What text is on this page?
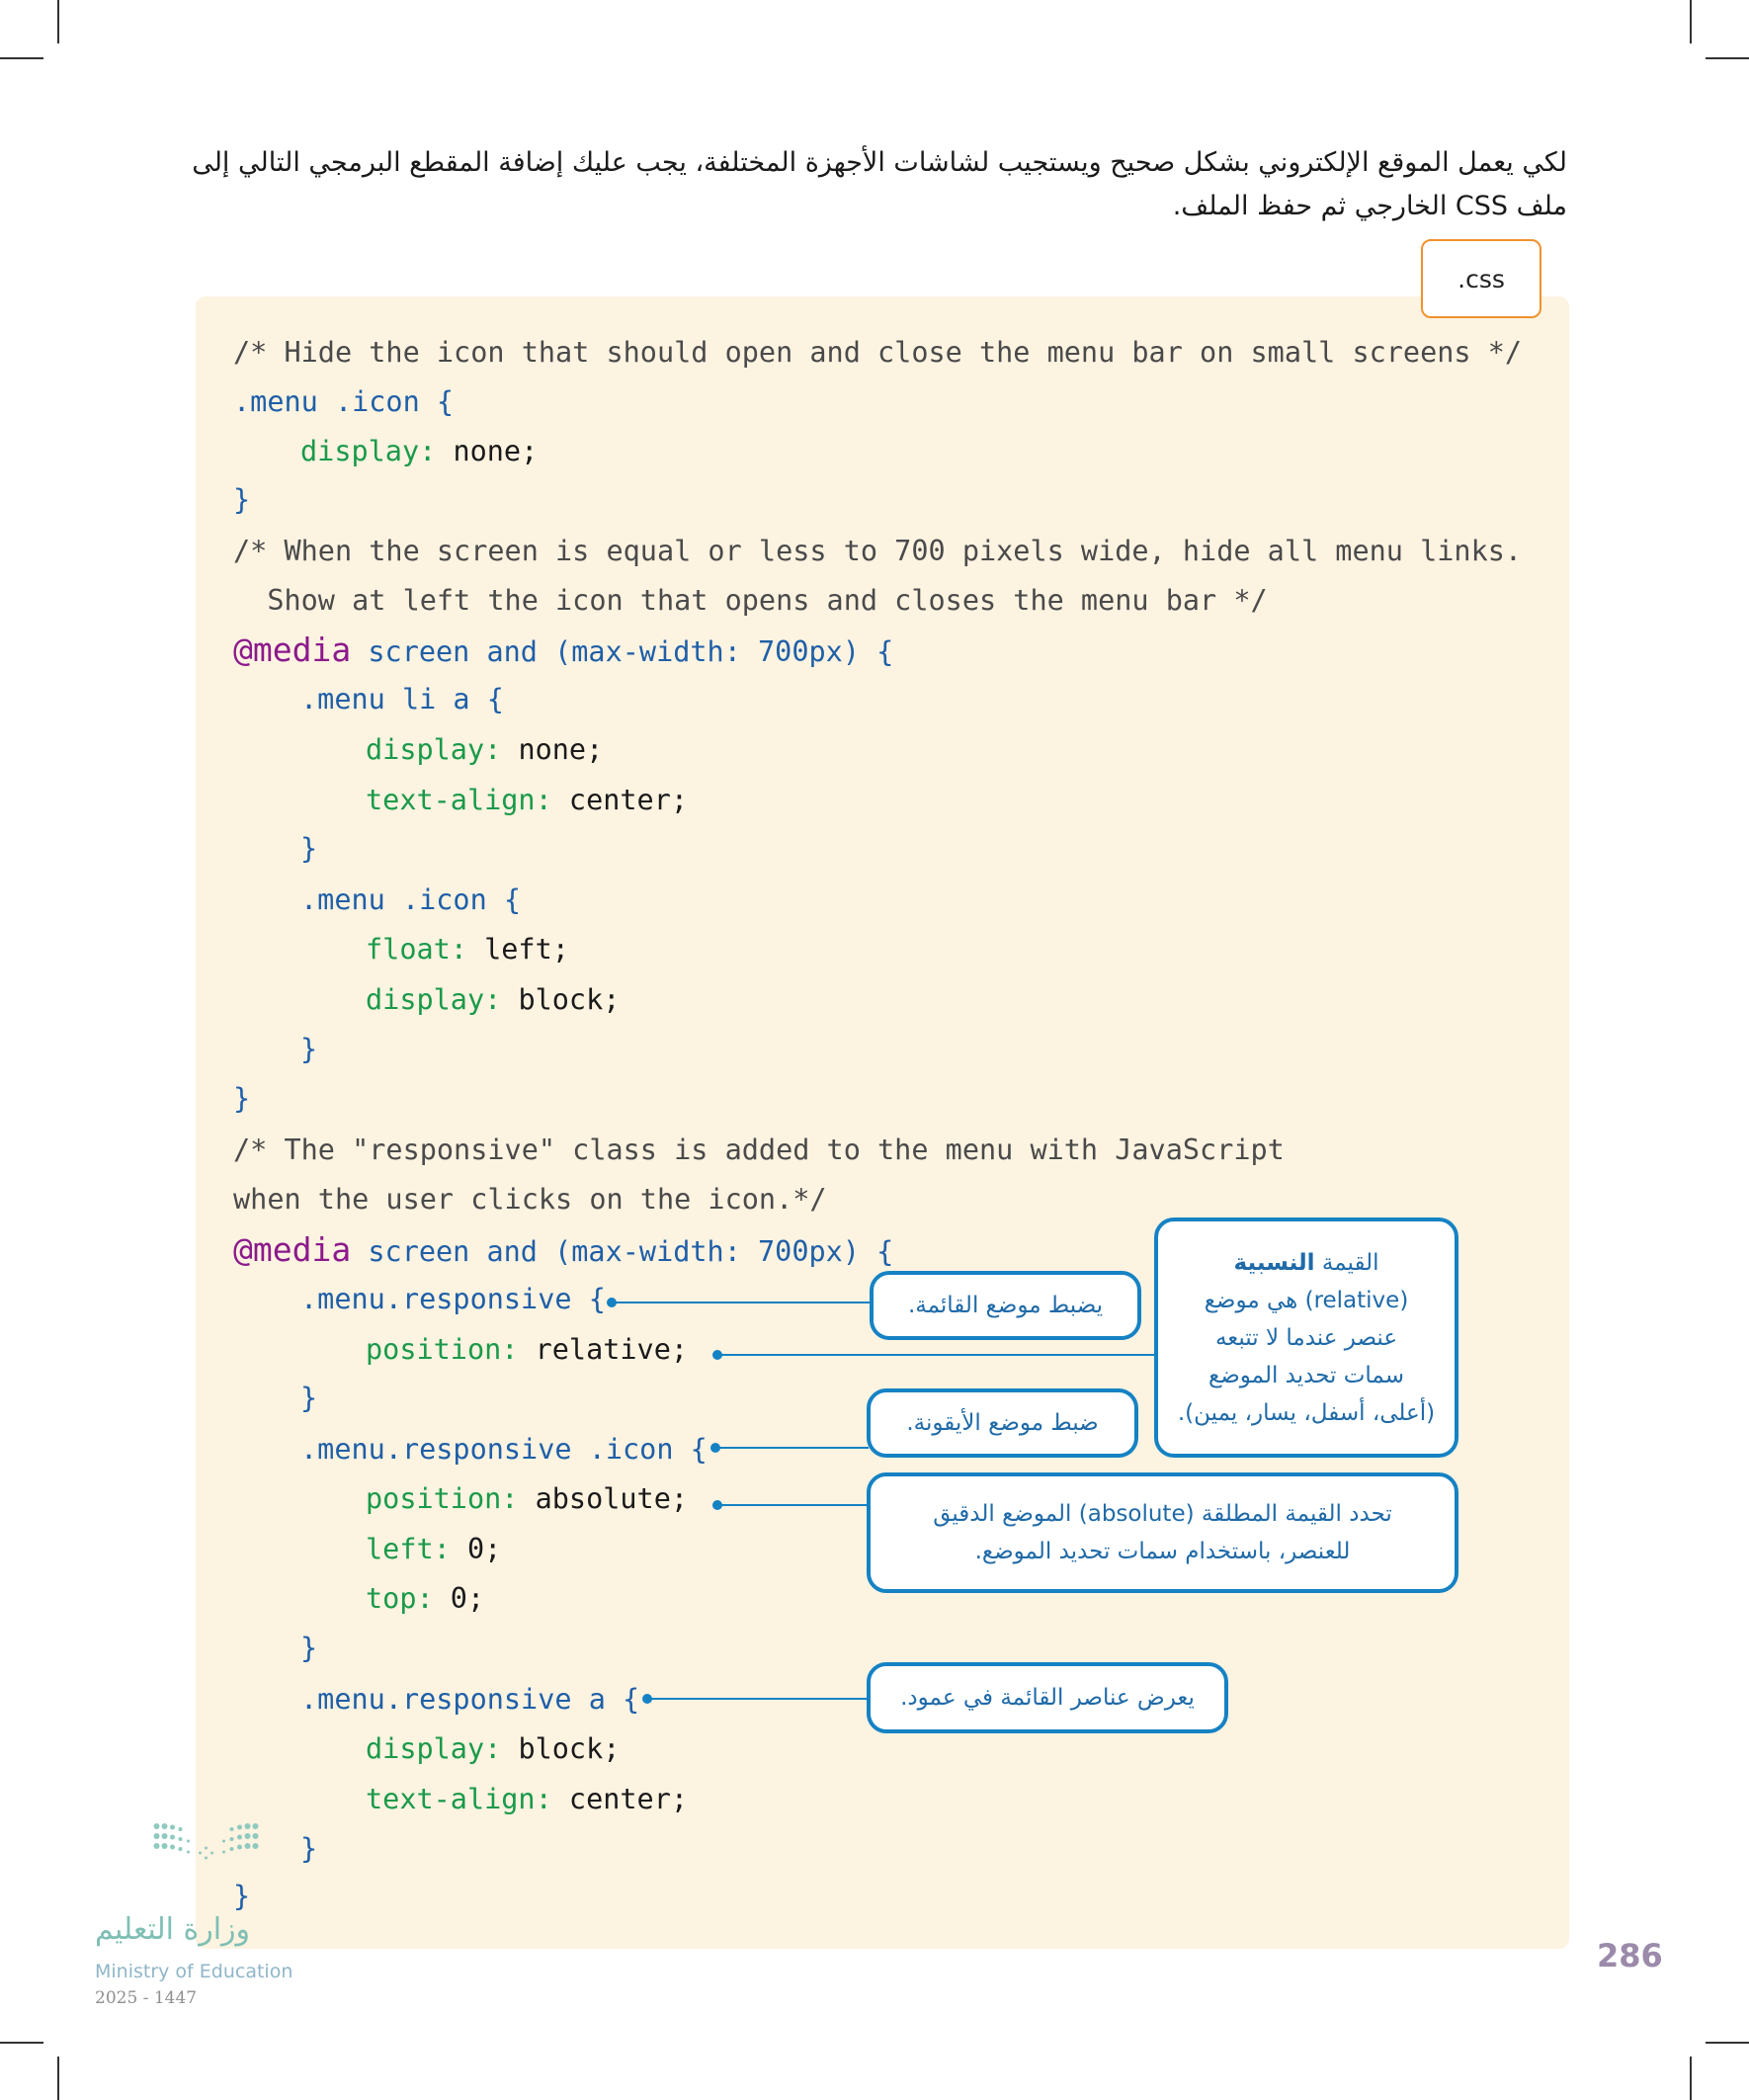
لكي يعمل الموقع الإلكتروني بشكل صحيح ويستجيب لشاشات الأجهزة المختلفة، يجب عليك إضافة المقطع البرمجي التالي إلى

ملف CSS الخارجي ثم حفظ الملف.

.css

/* Hide the icon that should open and close the menu bar on small screens */

.menu .icon {

display: none;

}

/* When the screen is equal or less to 700 pixels wide, hide all menu links.

Show at left the icon that opens and closes the menu bar */

@media screen and (max-width: 700px) {

.menu li a {

display: none;

text-align: center;

}

.menu .icon {

float: left;

display: block;

}

}

/* The "responsive" class is added to the menu with JavaScript

when the user clicks on the icon.*/

@media screen and (max-width: 700px) {

.menu.responsive {

position: relative;

}

.menu.responsive .icon {

position: absolute;

left: 0;

top: 0;

}

.menu.responsive a {

display: block;

text-align: center;

}

}

يضبط موضع القائمة.
القيمة النسبية
(relative) هي موضع
عنصر عندما لا تتبعه
سمات تحديد الموضع
(أعلى، أسفل، يسار، يمين).
ضبط موضع الأيقونة.
تحدد القيمة المطلقة (absolute) الموضع الدقيق
للعنصر، باستخدام سمات تحديد الموضع.
يعرض عناصر القائمة في عمود.
وزارة التعليم
Ministry of Education
2025 - 1447
286
